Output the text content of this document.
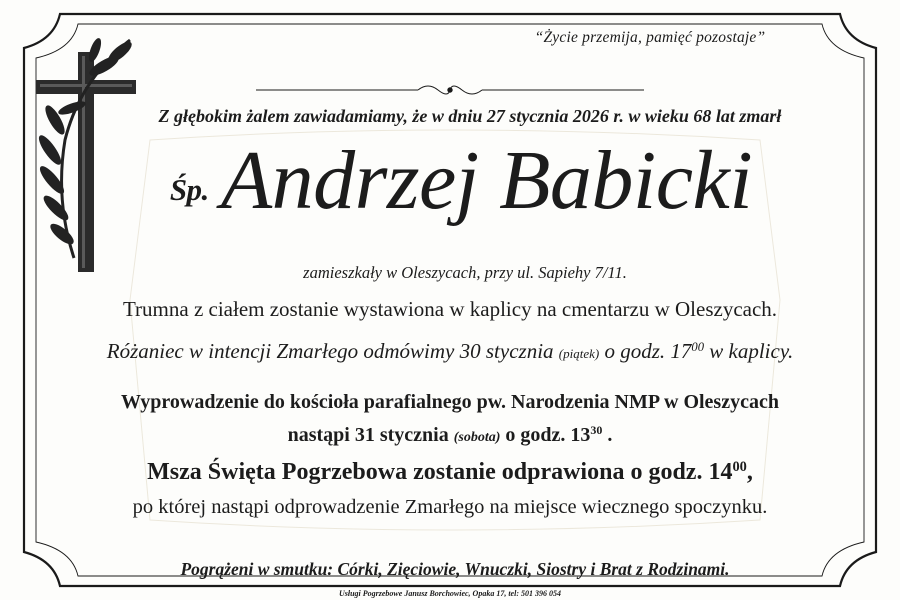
“Życie przemija, pamięć pozostaje”
Z głębokim żalem zawiadamiamy, że w dniu 27 stycznia 2026 r. w wieku 68 lat zmarł
Śp. Andrzej Babicki
zamieszkały w Oleszycach, przy ul. Sapiehy 7/11.
Trumna z ciałem zostanie wystawiona w kaplicy na cmentarzu w Oleszycach.
Różaniec w intencji Zmarłego odmówimy 30 stycznia (piątek) o godz. $17^{00}$ w kaplicy.
Wyprowadzenie do kościoła parafialnego pw. Narodzenia NMP w Oleszycach
nastąpi 31 stycznia (sobota) o godz. $13^{30}$ .
Msza Święta Pogrzebowa zostanie odprawiona o godz. $14^{00}$,
po której nastąpi odprowadzenie Zmarłego na miejsce wiecznego spoczynku.
Pogrążeni w smutku: Córki, Zięciowie, Wnuczki, Siostry i Brat z Rodzinami.
Usługi Pogrzebowe Janusz Borchowiec, Opaka 17, tel: 501 396 054
